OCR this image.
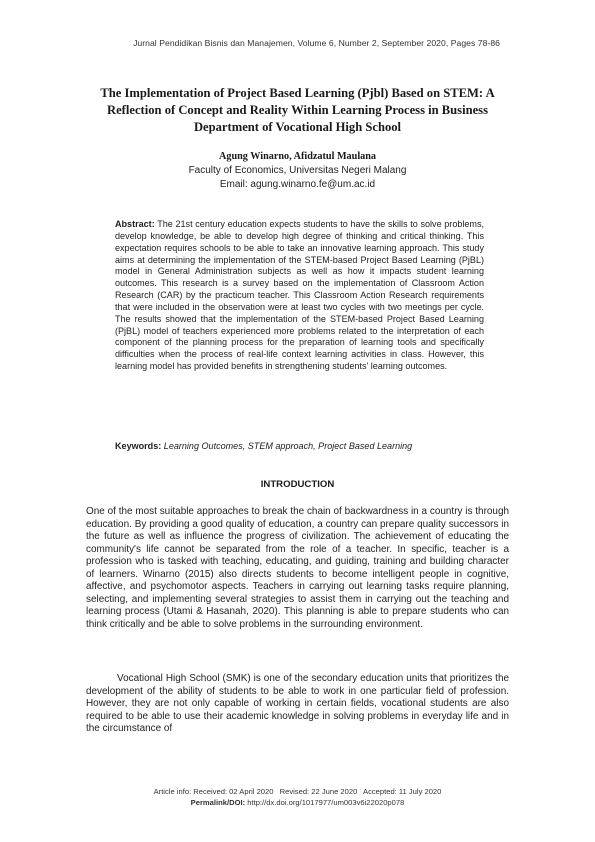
Jurnal Pendidikan Bisnis dan Manajemen, Volume 6, Number 2, September 2020, Pages 78-86
The Implementation of Project Based Learning (Pjbl) Based on STEM: A Reflection of Concept and Reality Within Learning Process in Business Department of Vocational High School

Agung Winarno, Afidzatul Maulana

Faculty of Economics, Universitas Negeri Malang
Email: agung.winarno.fe@um.ac.id

Abstract: The 21st century education expects students to have the skills to solve problems, develop knowledge, be able to develop high degree of thinking and critical thinking. This expectation requires schools to be able to take an innovative learning approach. This study aims at determining the implementation of the STEM-based Project Based Learning (PjBL) model in General Administration subjects as well as how it impacts student learning outcomes. This research is a survey based on the implementation of Classroom Action Research (CAR) by the practicum teacher. This Classroom Action Research requirements that were included in the observation were at least two cycles with two meetings per cycle. The results showed that the implementation of the STEM-based Project Based Learning (PjBL) model of teachers experienced more problems related to the interpretation of each component of the planning process for the preparation of learning tools and specifically difficulties when the process of real-life context learning activities in class. However, this learning model has provided benefits in strengthening students' learning outcomes.

Keywords: Learning Outcomes, STEM approach, Project Based Learning

INTRODUCTION

One of the most suitable approaches to break the chain of backwardness in a country is through education. By providing a good quality of education, a country can prepare quality successors in the future as well as influence the progress of civilization. The achievement of educating the community's life cannot be separated from the role of a teacher. In specific, teacher is a profession who is tasked with teaching, educating, and guiding, training and building character of learners. Winarno (2015) also directs students to become intelligent people in cognitive, affective, and psychomotor aspects. Teachers in carrying out learning tasks require planning, selecting, and implementing several strategies to assist them in carrying out the teaching and learning process (Utami & Hasanah, 2020). This planning is able to prepare students who can think critically and be able to solve problems in the surrounding environment.

Vocational High School (SMK) is one of the secondary education units that prioritizes the development of the ability of students to be able to work in one particular field of profession. However, they are not only capable of working in certain fields, vocational students are also required to be able to use their academic knowledge in solving problems in everyday life and in the circumstance of

Article info: Received: 02 April 2020 Revised: 22 June 2020 Accepted: 11 July 2020
Permalink/DOI: http://dx.doi.org/1017977/um003v6i22020p078
